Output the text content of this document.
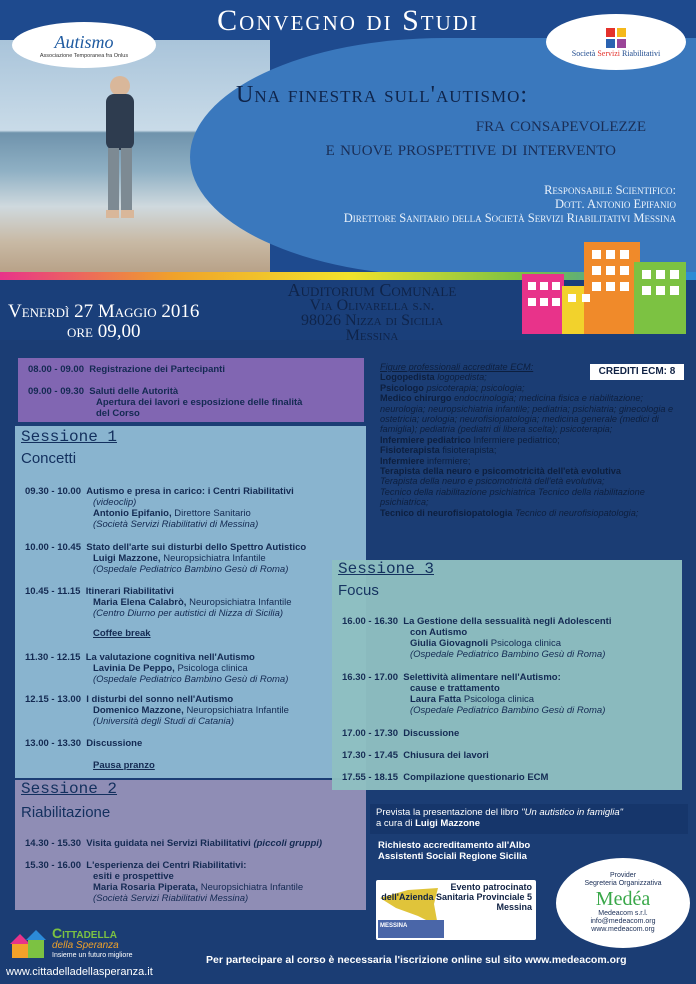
Convegno di Studi
Autismo
Associazione Temporanea fra Onlus	Società Servizi Riabilitativi
Una finestra sull'autismo:
fra consapevolezze
e nuove prospettive di intervento
Responsabile Scientifico:
Dott. Antonio Epifanio
Direttore Sanitario della Società Servizi Riabilitativi Messina
Venerdì 27 Maggio 2016
ore 09,00
Auditorium Comunale
Via Olivarella s.n.
98026 Nizza di Sicilia
Messina
08.00 - 09.00 Registrazione dei Partecipanti
09.00 - 09.30 Saluti delle Autorità
Apertura dei lavori e esposizione delle finalità
del Corso
Sessione 1
Concetti
09.30 - 10.00 Autismo e presa in carico: i Centri Riabilitativi
(videoclip)
Antonio Epifanio, Direttore Sanitario
(Società Servizi Riabilitativi di Messina)
10.00 - 10.45 Stato dell'arte sui disturbi dello Spettro Autistico
Luigi Mazzone, Neuropsichiatra Infantile
(Ospedale Pediatrico Bambino Gesù di Roma)
10.45 - 11.15 Itinerari Riabilitativi
Maria Elena Calabrò, Neuropsichiatra Infantile
(Centro Diurno per autistici di Nizza di Sicilia)
Coffee break
11.30 - 12.15 La valutazione cognitiva nell'Autismo
Lavinia De Peppo, Psicologa clinica
(Ospedale Pediatrico Bambino Gesù di Roma)
12.15 - 13.00 I disturbi del sonno nell'Autismo
Domenico Mazzone, Neuropsichiatra Infantile
(Università degli Studi di Catania)
13.00 - 13.30 Discussione
Pausa pranzo
Sessione 2
Riabilitazione
14.30 - 15.30 Visita guidata nei Servizi Riabilitativi (piccoli gruppi)
15.30 - 16.00 L'esperienza dei Centri Riabilitativi:
esiti e prospettive
Maria Rosaria Piperata, Neuropsichiatra Infantile
(Società Servizi Riabilitativi Messina)
Figure professionali accreditate ECM:
Logopedista logopedista;
Psicologo psicoterapia; psicologia;
Medico chirurgo endocrinologia; medicina fisica e riabilitazione; neurologia; neuropsichiatria infantile; pediatria; psichiatria; ginecologia e ostetricia; urologia; neurofisiopatologia; medicina generale (medici di famiglia); pediatria (pediatri di libera scelta); psicoterapia;
Infermiere pediatrico Infermiere pediatrico;
Fisioterapista fisioterapista;
Infermiere infermiere;
Terapista della neuro e psicomotricità dell'età evolutiva
Terapista della neuro e psicomotricità dell'età evolutiva;
Tecnico della riabilitazione psichiatrica Tecnico della riabilitazione psichiatrica;
Tecnico di neurofisiopatologia Tecnico di neurofisiopatologia;
CREDITI ECM: 8
Sessione 3
Focus
16.00 - 16.30 La Gestione della sessualità negli Adolescenti
con Autismo
Giulia Giovagnoli Psicologa clinica
(Ospedale Pediatrico Bambino Gesù di Roma)
16.30 - 17.00 Selettività alimentare nell'Autismo:
cause e trattamento
Laura Fatta Psicologa clinica
(Ospedale Pediatrico Bambino Gesù di Roma)
17.00 - 17.30 Discussione
17.30 - 17.45 Chiusura dei lavori
17.55 - 18.15 Compilazione questionario ECM
Prevista la presentazione del libro "Un autistico in famiglia"
a cura di Luigi Mazzone
Richiesto accreditamento all'Albo
Assistenti Sociali Regione Sicilia
ASP
MESSINA
Evento patrocinato
dell'Azienda Sanitaria Provinciale 5
Messina
Provider
Segreteria Organizzativa
Medéa
Medeacom s.r.l.
info@medeacom.org
www.medeacom.org
Cittadella
della Speranza
Insieme un futuro migliore
www.cittadelladellasperanza.it
Per partecipare al corso è necessaria l'iscrizione online sul sito www.medeacom.org
